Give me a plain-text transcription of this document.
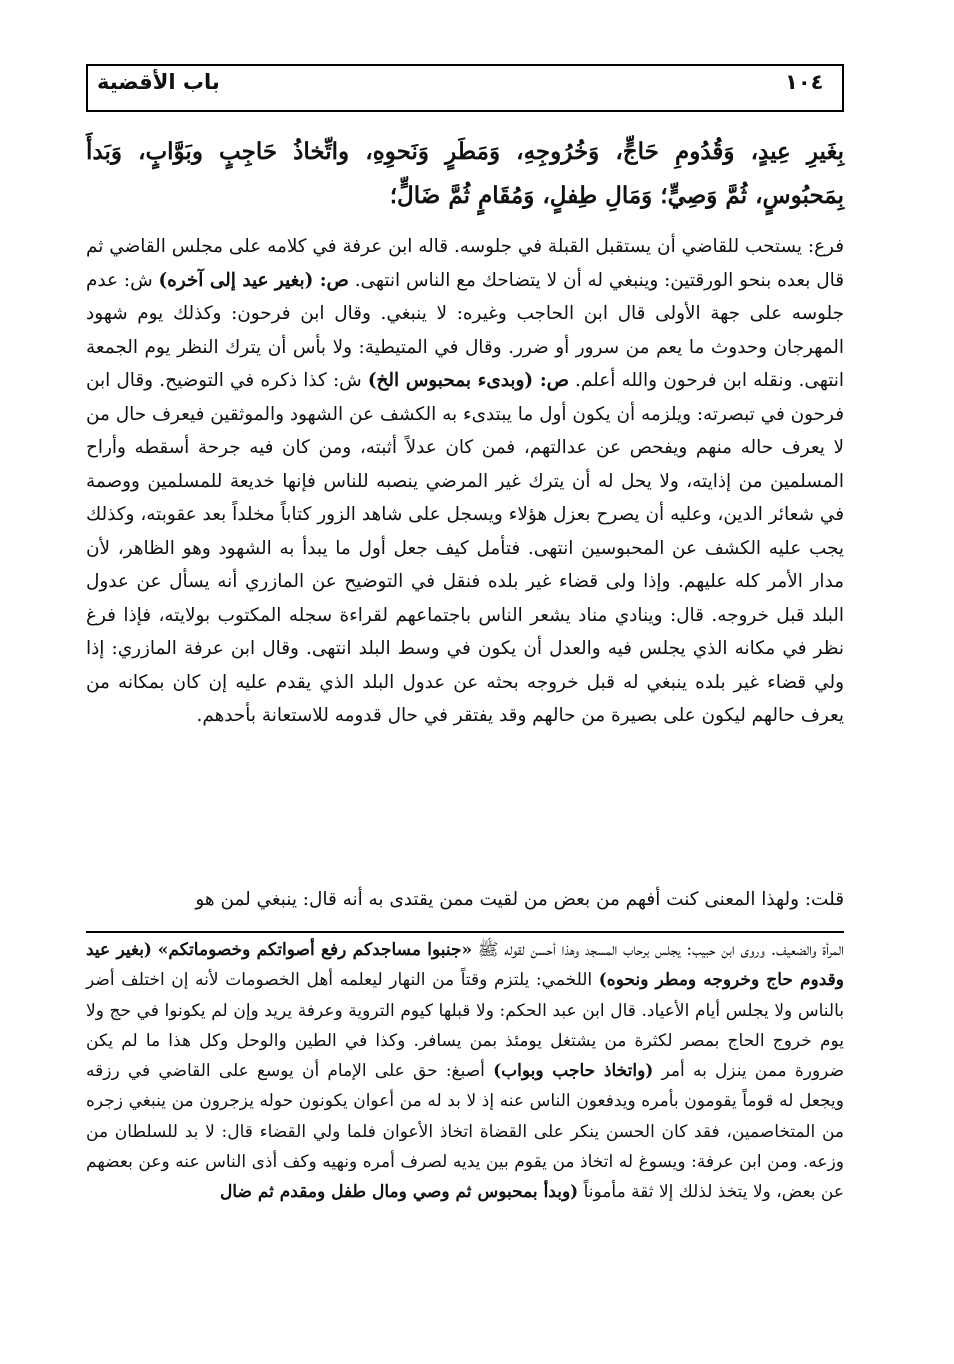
باب الأقضية	١٠٤
بِغَيرِ عِيدٍ، وَقُدُومِ حَاجٍّ، وَخُرُوجِهِ، وَمَطَرٍ وَنَحوِهِ، واتِّخاذُ حَاجِبٍ وبَوَّابٍ، وَبَدأَ بِمَحبُوسٍ، ثُمَّ وَصِيٍّ؛ وَمَالِ طِفلٍ، وَمُقَامٍ ثُمَّ ضَالٍّ؛
فرع: يستحب للقاضي أن يستقبل القبلة في جلوسه. قاله ابن عرفة في كلامه على مجلس القاضي ثم قال بعده بنحو الورقتين: وينبغي له أن لا يتضاحك مع الناس انتهى. ص: (بغير عيد إلى آخره) ش: عدم جلوسه على جهة الأولى قال ابن الحاجب وغيره: لا ينبغي. وقال ابن فرحون: وكذلك يوم شهود المهرجان وحدوث ما يعم من سرور أو ضرر. وقال في المتيطية: ولا بأس أن يترك النظر يوم الجمعة انتهى. ونقله ابن فرحون والله أعلم. ص: (وبدىء بمحبوس الخ) ش: كذا ذكره في التوضيح. وقال ابن فرحون في تبصرته: ويلزمه أن يكون أول ما يبتدىء به الكشف عن الشهود والموثقين فيعرف حال من لا يعرف حاله منهم ويفحص عن عدالتهم، فمن كان عدلاً أثبته، ومن كان فيه جرحة أسقطه وأراح المسلمين من إذايته، ولا يحل له أن يترك غير المرضي ينصبه للناس فإنها خديعة للمسلمين ووصمة في شعائر الدين، وعليه أن يصرح بعزل هؤلاء ويسجل على شاهد الزور كتاباً مخلداً بعد عقوبته، وكذلك يجب عليه الكشف عن المحبوسين انتهى. فتأمل كيف جعل أول ما يبدأ به الشهود وهو الظاهر، لأن مدار الأمر كله عليهم. وإذا ولى قضاء غير بلده فنقل في التوضيح عن المازري أنه يسأل عن عدول البلد قبل خروجه. قال: وينادي مناد يشعر الناس باجتماعهم لقراءة سجله المكتوب بولايته، فإذا فرغ نظر في مكانه الذي يجلس فيه والعدل أن يكون في وسط البلد انتهى. وقال ابن عرفة المازري: إذا ولي قضاء غير بلده ينبغي له قبل خروجه بحثه عن عدول البلد الذي يقدم عليه إن كان بمكانه من يعرف حالهم ليكون على بصيرة من حالهم وقد يفتقر في حال قدومه للاستعانة بأحدهم.
قلت: ولهذا المعنى كنت أفهم من بعض من لقيت ممن يقتدى به أنه قال: ينبغي لمن هو
المرأة والضعيف. وروى ابن حبيب: يجلس برحاب المسجد وهذا أحسن لقوله ﷺ «جنبوا مساجدكم رفع أصواتكم وخصوماتكم» (بغير عيد وقدوم حاج وخروجه ومطر ونحوه) اللخمي: يلتزم وقتاً من النهار ليعلمه أهل الخصومات لأنه إن اختلف أضر بالناس ولا يجلس أيام الأعياد. قال ابن عبد الحكم: ولا قبلها كيوم التروية وعرفة يريد وإن لم يكونوا في حج ولا يوم خروج الحاج بمصر لكثرة من يشتغل يومئذ بمن يسافر. وكذا في الطين والوحل وكل هذا ما لم يكن ضرورة ممن ينزل به أمر (واتخاذ حاجب وبواب) أصبغ: حق على الإمام أن يوسع على القاضي في رزقه ويجعل له قوماً يقومون بأمره ويدفعون الناس عنه إذ لا بد له من أعوان يكونون حوله يزجرون من ينبغي زجره من المتخاصمين، فقد كان الحسن ينكر على القضاة اتخاذ الأعوان فلما ولي القضاء قال: لا بد للسلطان من وزعه. ومن ابن عرفة: ويسوغ له اتخاذ من يقوم بين يديه لصرف أمره ونهيه وكف أذى الناس عنه وعن بعضهم عن بعض، ولا يتخذ لذلك إلا ثقة مأموناً (وبدأ بمحبوس ثم وصي ومال طفل ومقدم ثم ضال
